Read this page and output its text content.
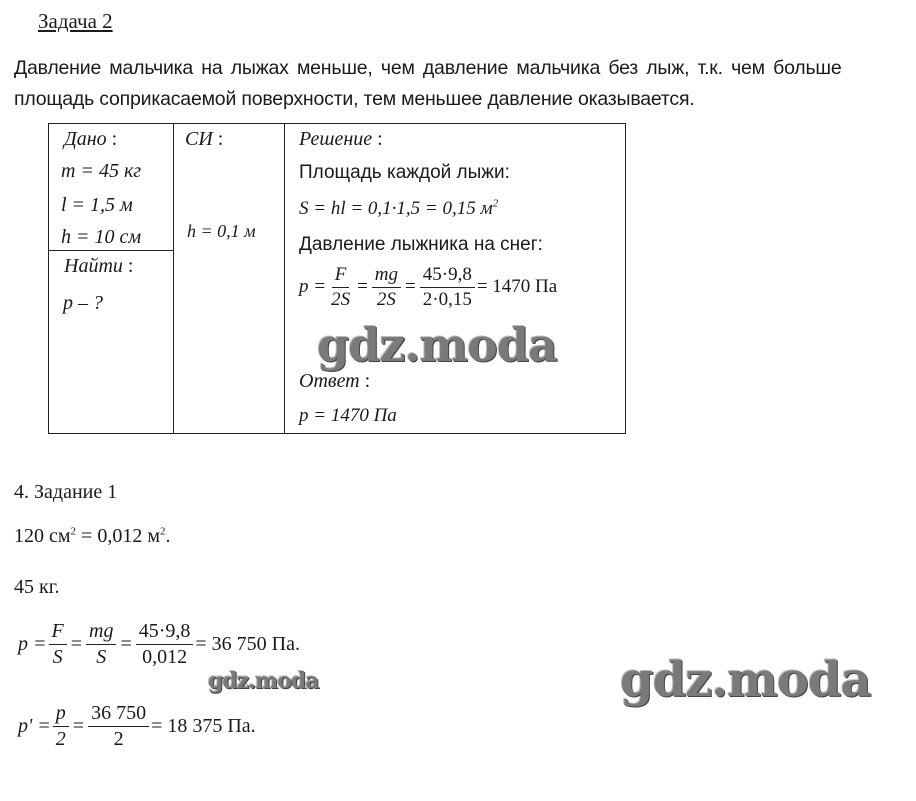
Задача 2
Давление мальчика на лыжах меньше, чем давление мальчика без лыж, т.к. чем больше
площадь соприкасаемой поверхности, тем меньшее давление оказывается.
Дано :
m = 45 кг
l = 1,5 м
h = 10 см
Найти :
p – ?
СИ :
h = 0,1 м
Решение :
Площадь каждой лыжи:
S = hl = 0,1·1,5 = 0,15 $м^2$
Давление лыжника на снег:
$p = \frac{F}{2S} = \frac{mg}{2S} = \frac{45\cdot 9,8}{2\cdot 0,15} = 1470$ Па
Ответ :
p = 1470 Па
4. Задание 1
120 $см^2 = 0,012$ $м^2$.
45 кг.
$p = \frac{F}{S} = \frac{mg}{S} = \frac{45\cdot 9,8}{0,012} = 36$ 750 Па.
$p' = \frac{p}{2} = \frac{36 750}{2} = 18$ 375 Па.
gdz.moda
gdz.moda	gdz.moda
